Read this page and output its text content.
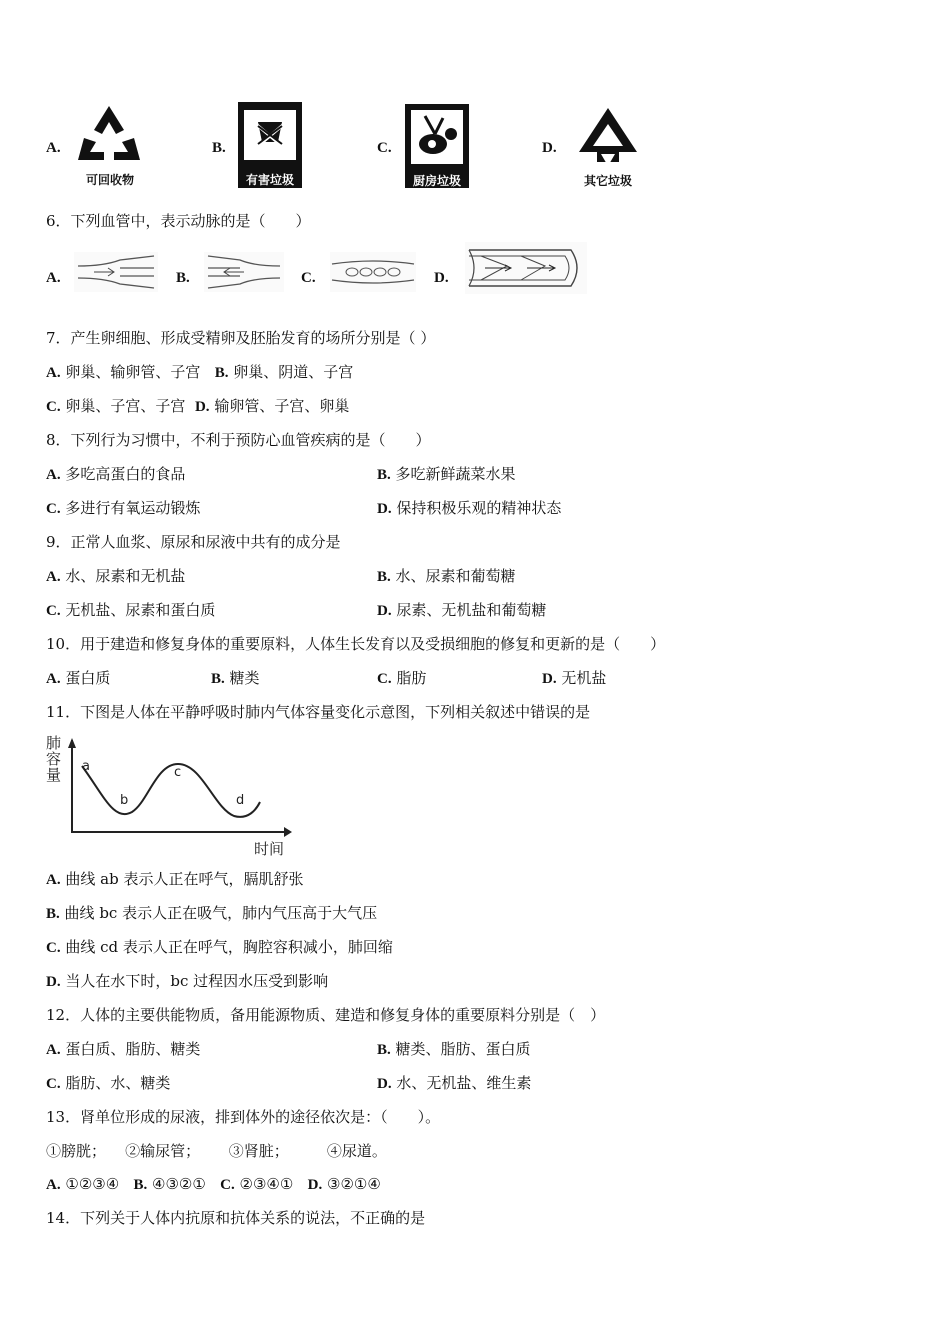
A.
可回收物
B.
有害垃圾
C.
厨房垃圾
D.
其它垃圾
6．下列血管中，表示动脉的是（　　）
A.	B.	C.	D.
7．产生卵细胞、形成受精卵及胚胎发育的场所分别是（ ）
A. 卵巢、输卵管、子宫 B. 卵巢、阴道、子宫
C. 卵巢、子宫、子宫 D. 输卵管、子宫、卵巢
8．下列行为习惯中，不利于预防心血管疾病的是（　　）
A. 多吃高蛋白的食品	B. 多吃新鲜蔬菜水果
C. 多进行有氧运动锻炼	D. 保持积极乐观的精神状态
9．正常人血浆、原尿和尿液中共有的成分是
A. 水、尿素和无机盐	B. 水、尿素和葡萄糖
C. 无机盐、尿素和蛋白质	D. 尿素、无机盐和葡萄糖
10．用于建造和修复身体的重要原料，人体生长发育以及受损细胞的修复和更新的是（　　）
A. 蛋白质	B. 糖类	C. 脂肪	D. 无机盐
11．下图是人体在平静呼吸时肺内气体容量变化示意图，下列相关叙述中错误的是
肺
容
量 a
b
c
d
时间
A. 曲线 ab 表示人正在呼气，膈肌舒张
B. 曲线 bc 表示人正在吸气，肺内气压高于大气压
C. 曲线 cd 表示人正在呼气，胸腔容积减小，肺回缩
D. 当人在水下时，bc 过程因水压受到影响
12．人体的主要供能物质，备用能源物质、建造和修复身体的重要原料分别是（　）
A. 蛋白质、脂肪、糖类	B. 糖类、脂肪、蛋白质
C. 脂肪、水、糖类	D. 水、无机盐、维生素
13．肾单位形成的尿液，排到体外的途径依次是：（　　）。
①膀胱； ②输尿管； ③肾脏；	④尿道。
A. ①②③④ B. ④③②① C. ②③④① D. ③②①④
14．下列关于人体内抗原和抗体关系的说法，不正确的是
